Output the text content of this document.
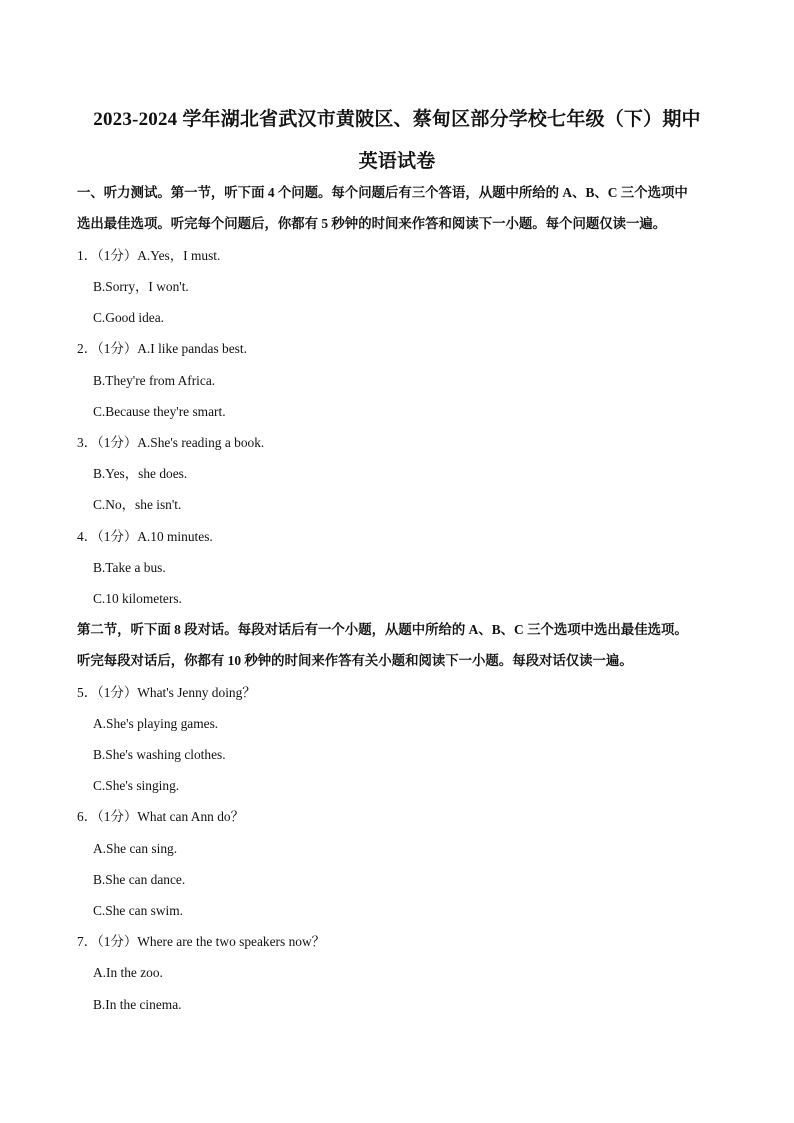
2023-2024 学年湖北省武汉市黄陂区、蔡甸区部分学校七年级（下）期中
英语试卷
一、听力测试。第一节，听下面 4 个问题。每个问题后有三个答语，从题中所给的 A、B、C 三个选项中
选出最佳选项。听完每个问题后，你都有 5 秒钟的时间来作答和阅读下一小题。每个问题仅读一遍。
1．（1分）A.Yes，I must.
B.Sorry，I won't.
C.Good idea.
2．（1分）A.I like pandas best.
B.They're from Africa.
C.Because they're smart.
3．（1分）A.She's reading a book.
B.Yes，she does.
C.No，she isn't.
4．（1分）A.10 minutes.
B.Take a bus.
C.10 kilometers.
第二节，听下面 8 段对话。每段对话后有一个小题，从题中所给的 A、B、C 三个选项中选出最佳选项。
听完每段对话后，你都有 10 秒钟的时间来作答有关小题和阅读下一小题。每段对话仅读一遍。
5．（1分）What's Jenny doing？
A.She's playing games.
B.She's washing clothes.
C.She's singing.
6．（1分）What can Ann do？
A.She can sing.
B.She can dance.
C.She can swim.
7．（1分）Where are the two speakers now？
A.In the zoo.
B.In the cinema.
